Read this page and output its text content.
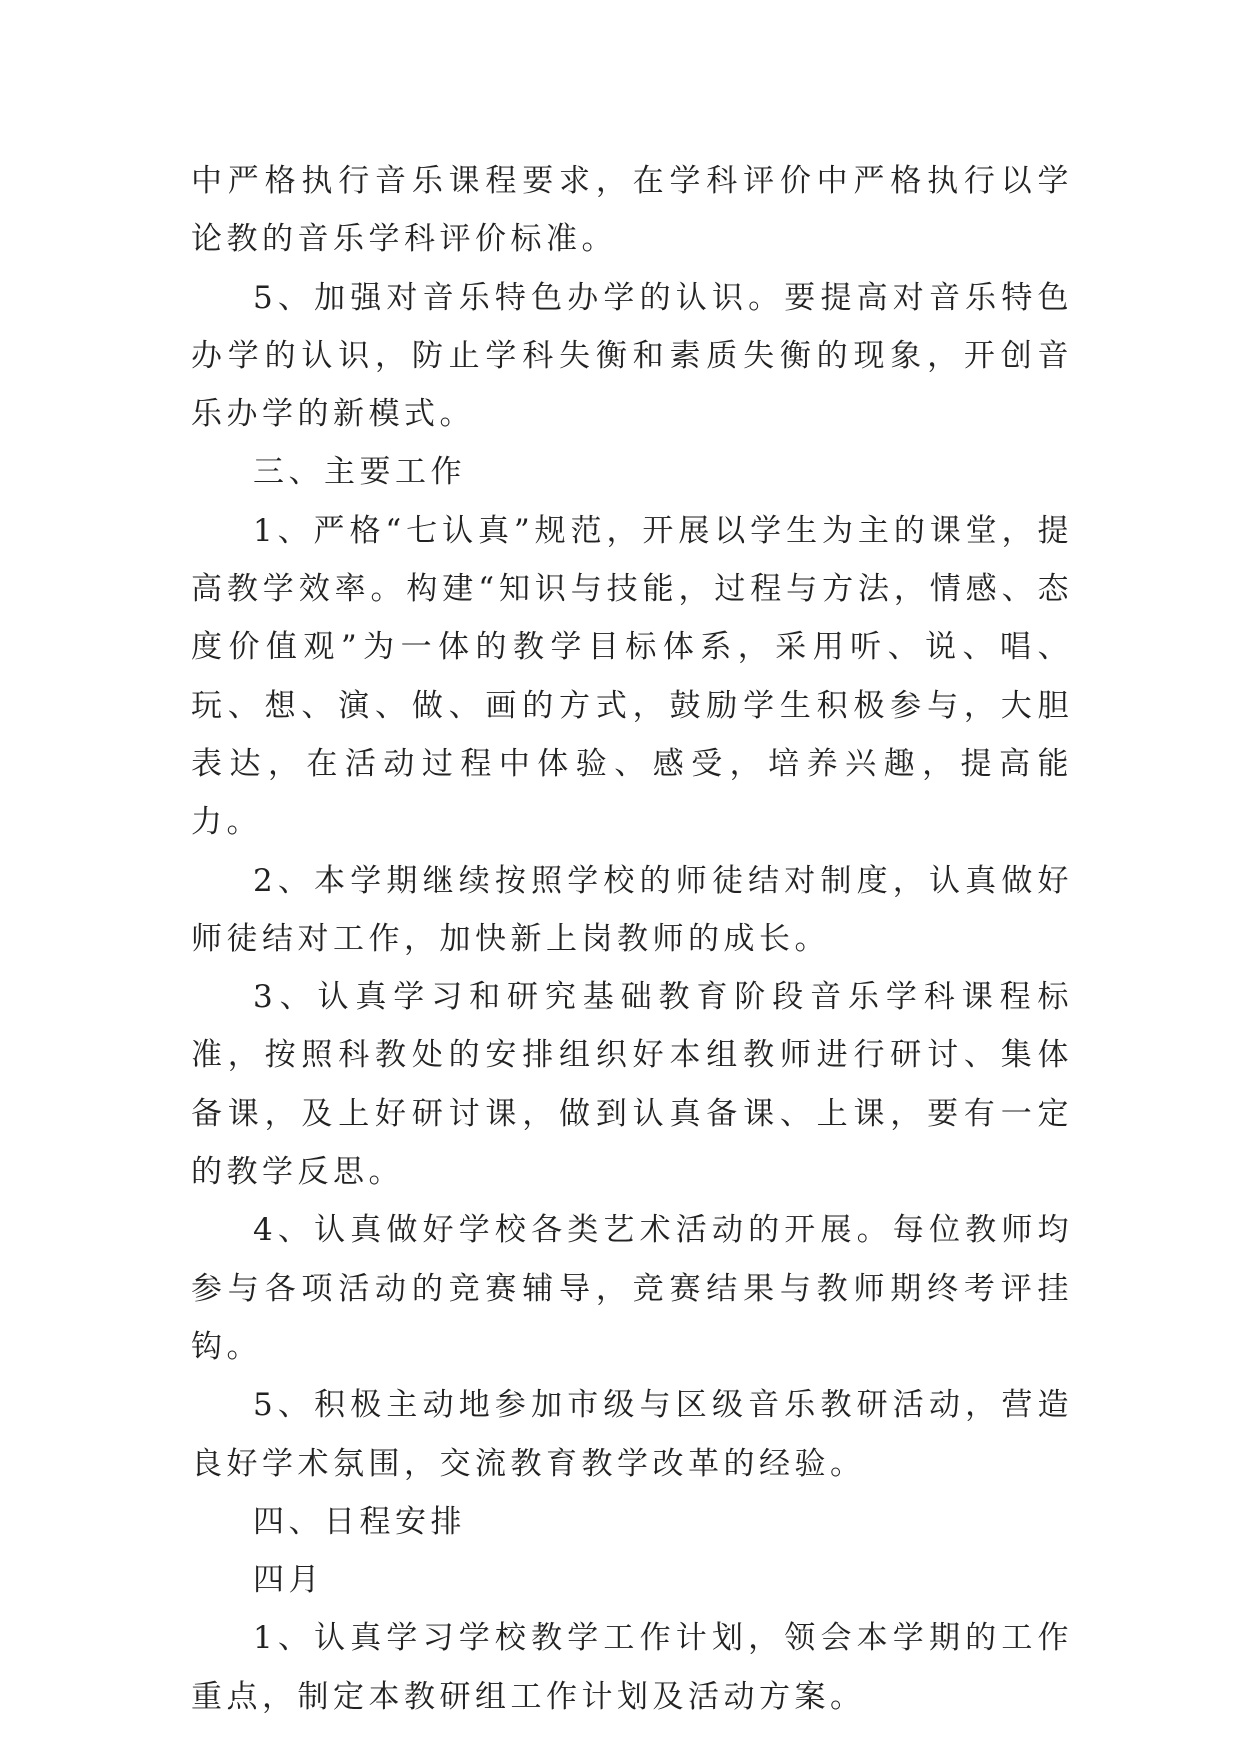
中严格执行音乐课程要求，在学科评价中严格执行以学论教的音乐学科评价标准。

5、加强对音乐特色办学的认识。要提高对音乐特色办学的认识，防止学科失衡和素质失衡的现象，开创音乐办学的新模式。

三、主要工作

1、严格“七认真”规范，开展以学生为主的课堂，提高教学效率。构建“知识与技能，过程与方法，情感、态度价值观”为一体的教学目标体系，采用听、说、唱、玩、想、演、做、画的方式，鼓励学生积极参与，大胆表达，在活动过程中体验、感受，培养兴趣，提高能力。

2、本学期继续按照学校的师徒结对制度，认真做好师徒结对工作，加快新上岗教师的成长。

3、认真学习和研究基础教育阶段音乐学科课程标准，按照科教处的安排组织好本组教师进行研讨、集体备课，及上好研讨课，做到认真备课、上课，要有一定的教学反思。

4、认真做好学校各类艺术活动的开展。每位教师均参与各项活动的竞赛辅导，竞赛结果与教师期终考评挂钩。

5、积极主动地参加市级与区级音乐教研活动，营造良好学术氛围，交流教育教学改革的经验。

四、日程安排

四月

1、认真学习学校教学工作计划，领会本学期的工作重点，制定本教研组工作计划及活动方案。
